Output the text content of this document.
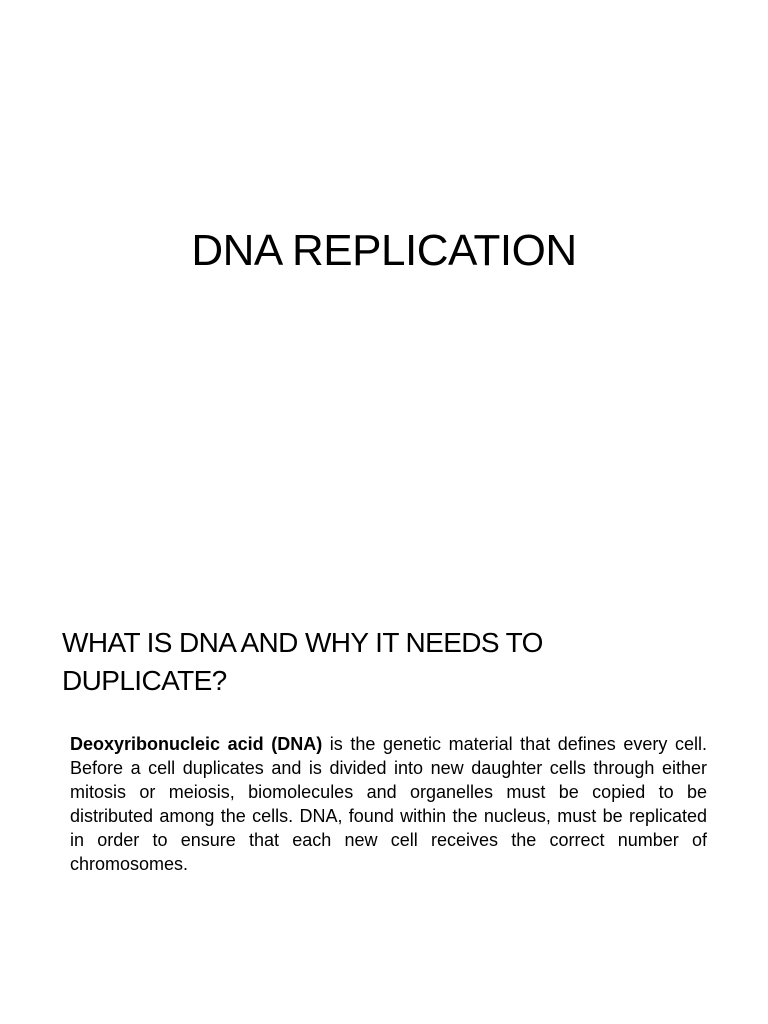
DNA REPLICATION
WHAT IS DNA AND WHY IT NEEDS TO DUPLICATE?

Deoxyribonucleic acid (DNA) is the genetic material that defines every cell. Before a cell duplicates and is divided into new daughter cells through either mitosis or meiosis, biomolecules and organelles must be copied to be distributed among the cells. DNA, found within the nucleus, must be replicated in order to ensure that each new cell receives the correct number of chromosomes.
